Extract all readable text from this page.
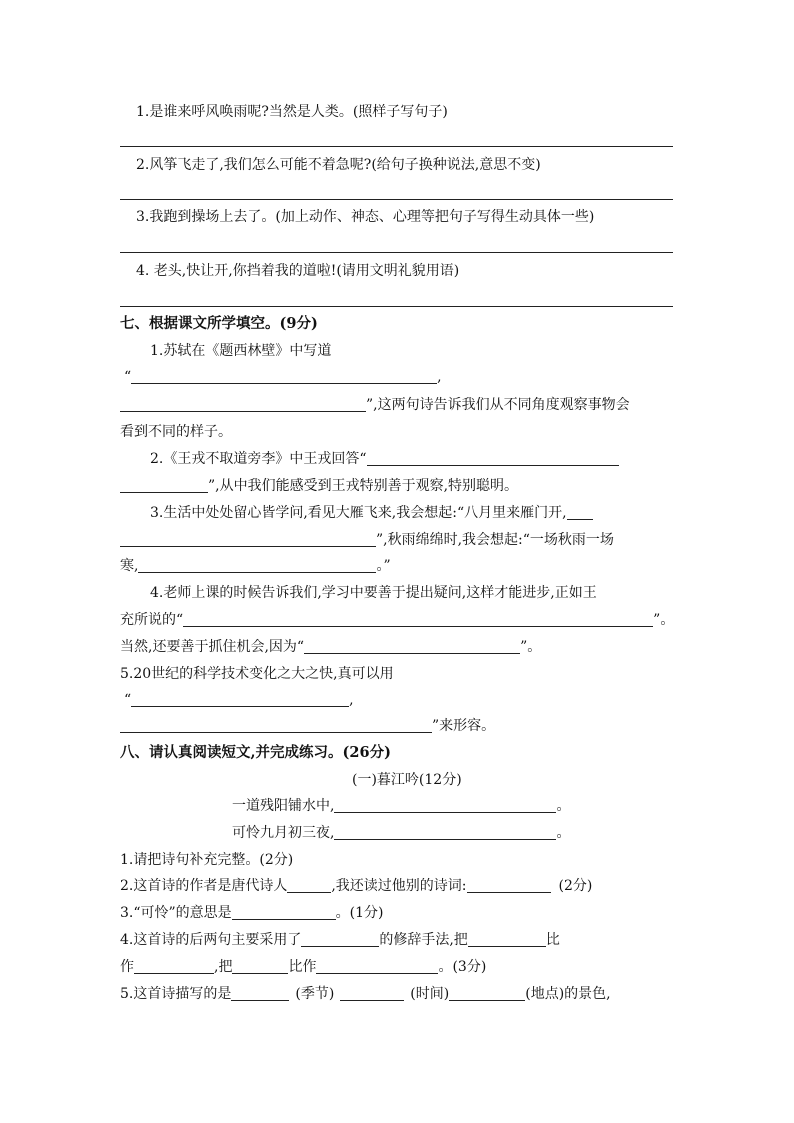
1.是谁来呼风唤雨呢?当然是人类。(照样子写句子)
2.风筝飞走了,我们怎么可能不着急呢?(给句子换种说法,意思不变)
3.我跑到操场上去了。(加上动作、神态、心理等把句子写得生动具体一些)
4. 老头,快让开,你挡着我的道啦!(请用文明礼貌用语)
七、根据课文所学填空。(9分)
1.苏轼在《题西林壁》中写道
“	,
”,这两句诗告诉我们从不同角度观察事物会
看到不同的样子。
2.《王戎不取道旁李》中王戎回答“
”,从中我们能感受到王戎特别善于观察,特别聪明。
3.生活中处处留心皆学问,看见大雁飞来,我会想起:“八月里来雁门开,
”,秋雨绵绵时,我会想起:“一场秋雨一场
寒,	。”
4.老师上课的时候告诉我们,学习中要善于提出疑问,这样才能进步,正如王
充所说的“	”。
当然,还要善于抓住机会,因为“	”。
5.20世纪的科学技术变化之大之快,真可以用
“	,
”来形容。
八、请认真阅读短文,并完成练习。(26分)
(一)暮江吟(12分)
一道残阳铺水中,	。
可怜九月初三夜,	。
1.请把诗句补充完整。(2分)
2.这首诗的作者是唐代诗人	,我还读过他别的诗词:	(2分)
3.“可怜”的意思是	。(1分)
4.这首诗的后两句主要采用了	的修辞手法,把	比
作	,把	比作	。(3分)
5.这首诗描写的是	(季节)	(时间)	(地点)的景色,
